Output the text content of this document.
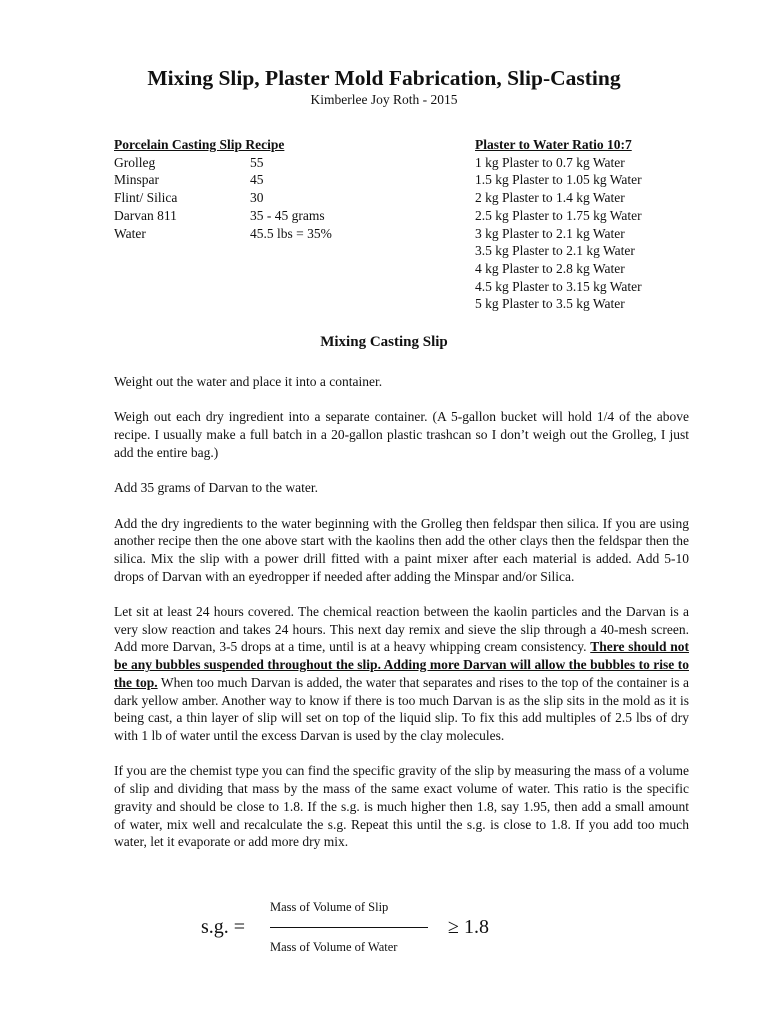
Mixing Slip, Plaster Mold Fabrication, Slip-Casting
Kimberlee Joy Roth - 2015
Porcelain Casting Slip Recipe
Grolleg	55
Minspar	45
Flint/ Silica	30
Darvan 811	35 - 45 grams
Water	45.5 lbs = 35%
Plaster to Water Ratio 10:7
1 kg Plaster to 0.7 kg Water
1.5 kg Plaster to 1.05 kg Water
2 kg Plaster to 1.4 kg Water
2.5 kg Plaster to 1.75 kg Water
3 kg Plaster to 2.1 kg Water
3.5 kg Plaster to 2.1 kg Water
4 kg Plaster to 2.8 kg Water
4.5 kg Plaster to 3.15 kg Water
5 kg Plaster to 3.5 kg Water
Mixing Casting Slip

Weight out the water and place it into a container.

Weigh out each dry ingredient into a separate container. (A 5-gallon bucket will hold 1/4 of the above recipe. I usually make a full batch in a 20-gallon plastic trashcan so I don’t weigh out the Grolleg, I just add the entire bag.)

Add 35 grams of Darvan to the water.

Add the dry ingredients to the water beginning with the Grolleg then feldspar then silica. If you are using another recipe then the one above start with the kaolins then add the other clays then the feldspar then the silica. Mix the slip with a power drill fitted with a paint mixer after each material is added. Add 5-10 drops of Darvan with an eyedropper if needed after adding the Minspar and/or Silica.

Let sit at least 24 hours covered. The chemical reaction between the kaolin particles and the Darvan is a very slow reaction and takes 24 hours. This next day remix and sieve the slip through a 40-mesh screen. Add more Darvan, 3-5 drops at a time, until is at a heavy whipping cream consistency. There should not be any bubbles suspended throughout the slip. Adding more Darvan will allow the bubbles to rise to the top. When too much Darvan is added, the water that separates and rises to the top of the container is a dark yellow amber. Another way to know if there is too much Darvan is as the slip sits in the mold as it is being cast, a thin layer of slip will set on top of the liquid slip. To fix this add multiples of 2.5 lbs of dry with 1 lb of water until the excess Darvan is used by the clay molecules.

If you are the chemist type you can find the specific gravity of the slip by measuring the mass of a volume of slip and dividing that mass by the mass of the same exact volume of water. This ratio is the specific gravity and should be close to 1.8. If the s.g. is much higher then 1.8, say 1.95, then add a small amount of water, mix well and recalculate the s.g. Repeat this until the s.g. is close to 1.8. If you add too much water, let it evaporate or add more dry mix.

s.g. =
Mass of Volume of Slip
Mass of Volume of Water
≥ 1.8
